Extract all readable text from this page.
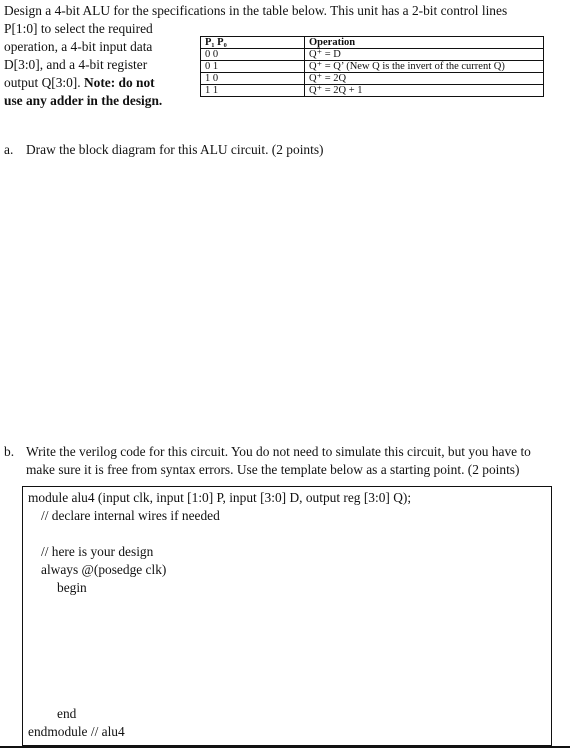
Design a 4-bit ALU for the specifications in the table below. This unit has a 2-bit control lines
P[1:0] to select the required
operation, a 4-bit input data
D[3:0], and a 4-bit register
output Q[3:0]. Note: do not
use any adder in the design.
P₁ P₀	Operation
0 0	Q⁺ = D
0 1	Q⁺ = Q’ (New Q is the invert of the current Q)
1 0	Q⁺ = 2Q
1 1	Q⁺ = 2Q + 1
a. Draw the block diagram for this ALU circuit. (2 points)
b. Write the verilog code for this circuit. You do not need to simulate this circuit, but you have to
make sure it is free from syntax errors. Use the template below as a starting point. (2 points)
module alu4 (input clk, input [1:0] P, input [3:0] D, output reg [3:0] Q);
// declare internal wires if needed
// here is your design
always @(posedge clk)
begin
end
endmodule // alu4
